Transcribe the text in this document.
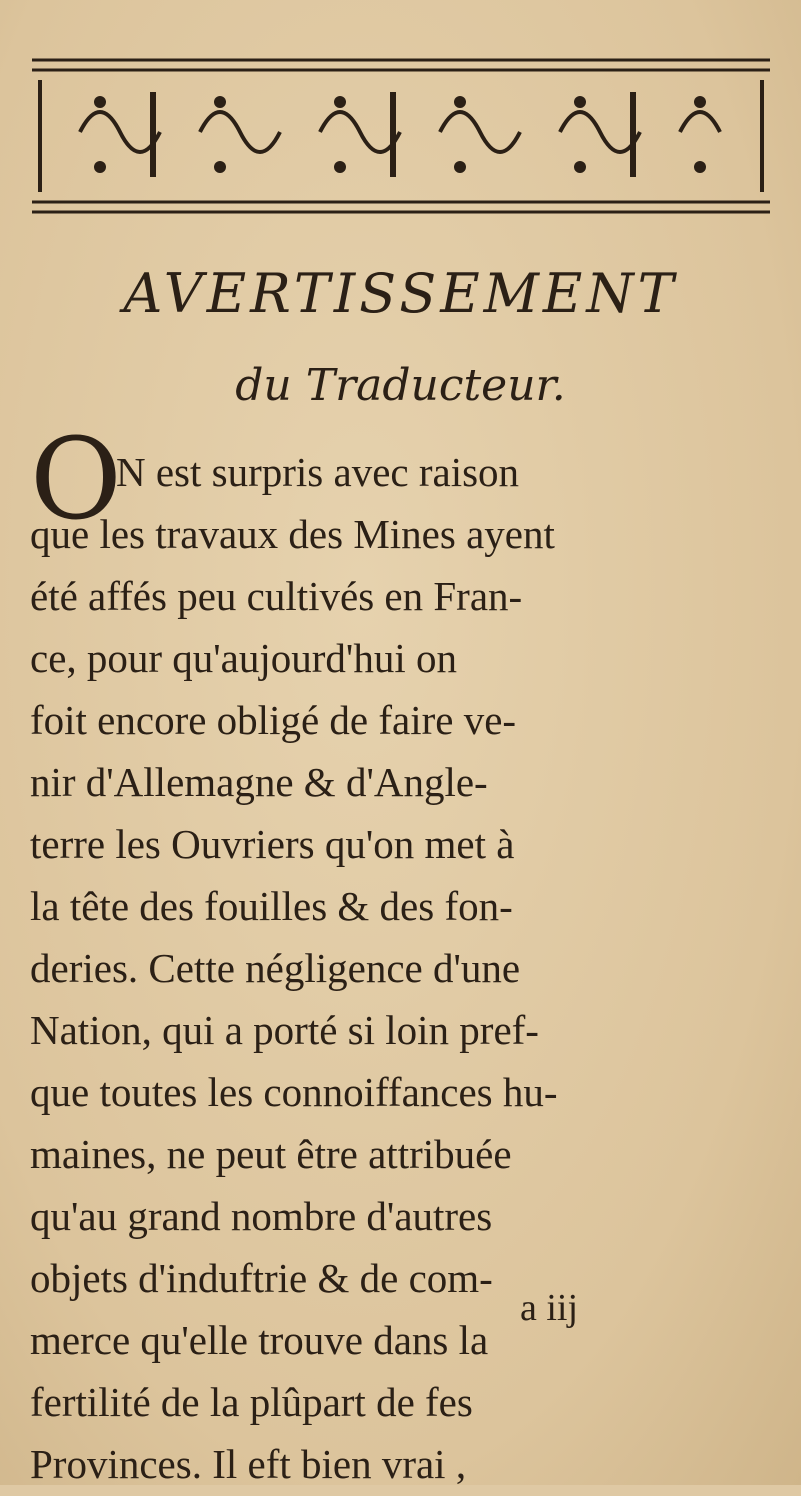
AVERTISSEMENT
du Traducteur.
O
N est surpris avec raison
que les travaux des Mines ayent
été affés peu cultivés en Fran-
ce, pour qu'aujourd'hui on
foit encore obligé de faire ve-
nir d'Allemagne & d'Angle-
terre les Ouvriers qu'on met à
la tête des fouilles & des fon-
deries. Cette négligence d'une
Nation, qui a porté si loin pref-
que toutes les connoiffances hu-
maines, ne peut être attribuée
qu'au grand nombre d'autres
objets d'induftrie & de com-
merce qu'elle trouve dans la
fertilité de la plûpart de fes
Provinces. Il eft bien vrai ,
a iij
